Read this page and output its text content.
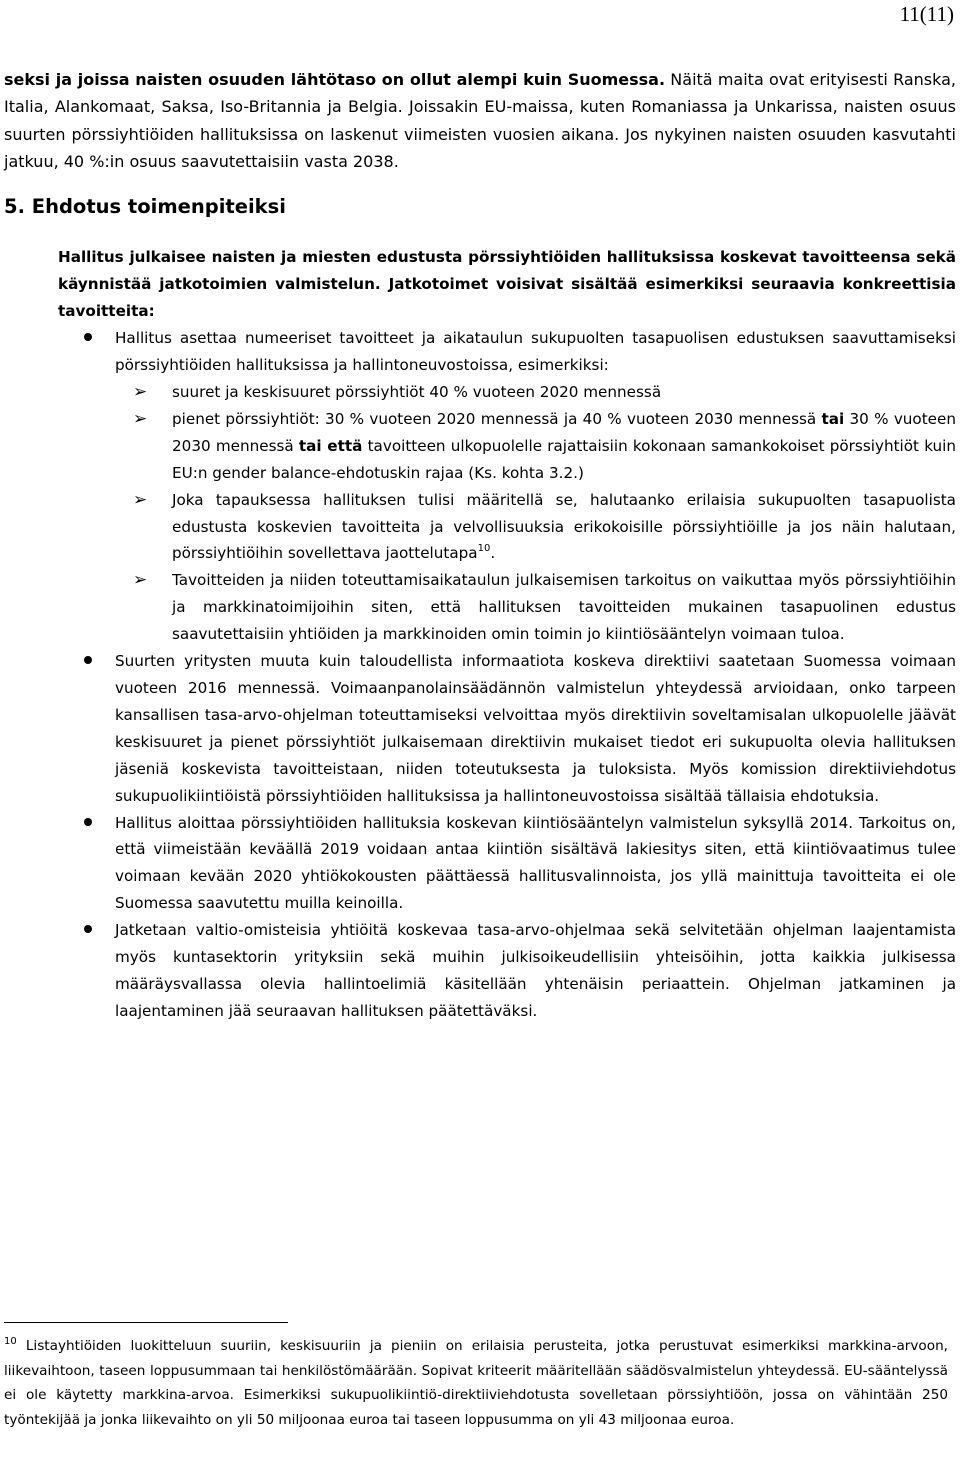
11(11)

seksi ja joissa naisten osuuden lähtötaso on ollut alempi kuin Suomessa. Näitä maita ovat erityisesti Ranska, Italia, Alankomaat, Saksa, Iso-Britannia ja Belgia. Joissakin EU-maissa, kuten Romaniassa ja Unkarissa, naisten osuus suurten pörssiyhtiöiden hallituksissa on laskenut viimeisten vuosien aikana. Jos nykyinen naisten osuuden kasvutahti jatkuu, 40 %:in osuus saavutettaisiin vasta 2038.

5. Ehdotus toimenpiteiksi

Hallitus julkaisee naisten ja miesten edustusta pörssiyhtiöiden hallituksissa koskevat tavoitteensa sekä käynnistää jatkotoimien valmistelun. Jatkotoimet voisivat sisältää esimerkiksi seuraavia konkreettisia tavoitteita:

Hallitus asettaa numeeriset tavoitteet ja aikataulun sukupuolten tasapuolisen edustuksen saavuttamiseksi pörssiyhtiöiden hallituksissa ja hallintoneuvostoissa, esimerkiksi:
➢ suuret ja keskisuuret pörssiyhtiöt 40 % vuoteen 2020 mennessä
➢ pienet pörssiyhtiöt: 30 % vuoteen 2020 mennessä ja 40 % vuoteen 2030 mennessä tai 30 % vuoteen 2030 mennessä tai että tavoitteen ulkopuolelle rajattaisiin kokonaan samankokoiset pörssiyhtiöt kuin EU:n gender balance-ehdotuskin rajaa (Ks. kohta 3.2.)
➢ Joka tapauksessa hallituksen tulisi määritellä se, halutaanko erilaisia sukupuolten tasapuolista edustusta koskevien tavoitteita ja velvollisuuksia erikokoisille pörssiyhtiöille ja jos näin halutaan, pörssiyhtiöihin sovellettava jaottelutapa$^{10}$.
➢ Tavoitteiden ja niiden toteuttamisaikataulun julkaisemisen tarkoitus on vaikuttaa myös pörssiyhtiöihin ja markkinatoimijoihin siten, että hallituksen tavoitteiden mukainen tasapuolinen edustus saavutettaisiin yhtiöiden ja markkinoiden omin toimin jo kiintiösääntelyn voimaan tuloa.
Suurten yritysten muuta kuin taloudellista informaatiota koskeva direktiivi saatetaan Suomessa voimaan vuoteen 2016 mennessä. Voimaanpanolainsäädännön valmistelun yhteydessä arvioidaan, onko tarpeen kansallisen tasa-arvo-ohjelman toteuttamiseksi velvoittaa myös direktiivin soveltamisalan ulkopuolelle jäävät keskisuuret ja pienet pörssiyhtiöt julkaisemaan direktiivin mukaiset tiedot eri sukupuolta olevia hallituksen jäseniä koskevista tavoitteistaan, niiden toteutuksesta ja tuloksista. Myös komission direktiiviehdotus sukupuolikiintiöistä pörssiyhtiöiden hallituksissa ja hallintoneuvostoissa sisältää tällaisia ehdotuksia.
Hallitus aloittaa pörssiyhtiöiden hallituksia koskevan kiintiösääntelyn valmistelun syksyllä 2014. Tarkoitus on, että viimeistään keväällä 2019 voidaan antaa kiintiön sisältävä lakiesitys siten, että kiintiövaatimus tulee voimaan kevään 2020 yhtiökokousten päättäessä hallitusvalinnoista, jos yllä mainittuja tavoitteita ei ole Suomessa saavutettu muilla keinoilla.
Jatketaan valtio-omisteisia yhtiöitä koskevaa tasa-arvo-ohjelmaa sekä selvitetään ohjelman laajentamista myös kuntasektorin yrityksiin sekä muihin julkisoikeudellisiin yhteisöihin, jotta kaikkia julkisessa määräysvallassa olevia hallintoelimiä käsitellään yhtenäisin periaattein. Ohjelman jatkaminen ja laajentaminen jää seuraavan hallituksen päätettäväksi.

$^{10}$ Listayhtiöiden luokitteluun suuriin, keskisuuriin ja pieniin on erilaisia perusteita, jotka perustuvat esimerkiksi markkina-arvoon, liikevaihtoon, taseen loppusummaan tai henkilöstömäärään. Sopivat kriteerit määritellään säädösvalmistelun yhteydessä. EU-sääntelyssä ei ole käytetty markkina-arvoa. Esimerkiksi sukupuolikiintiö-direktiiviehdotusta sovelletaan pörssiyhtiöön, jossa on vähintään 250 työntekijää ja jonka liikevaihto on yli 50 miljoonaa euroa tai taseen loppusumma on yli 43 miljoonaa euroa.
